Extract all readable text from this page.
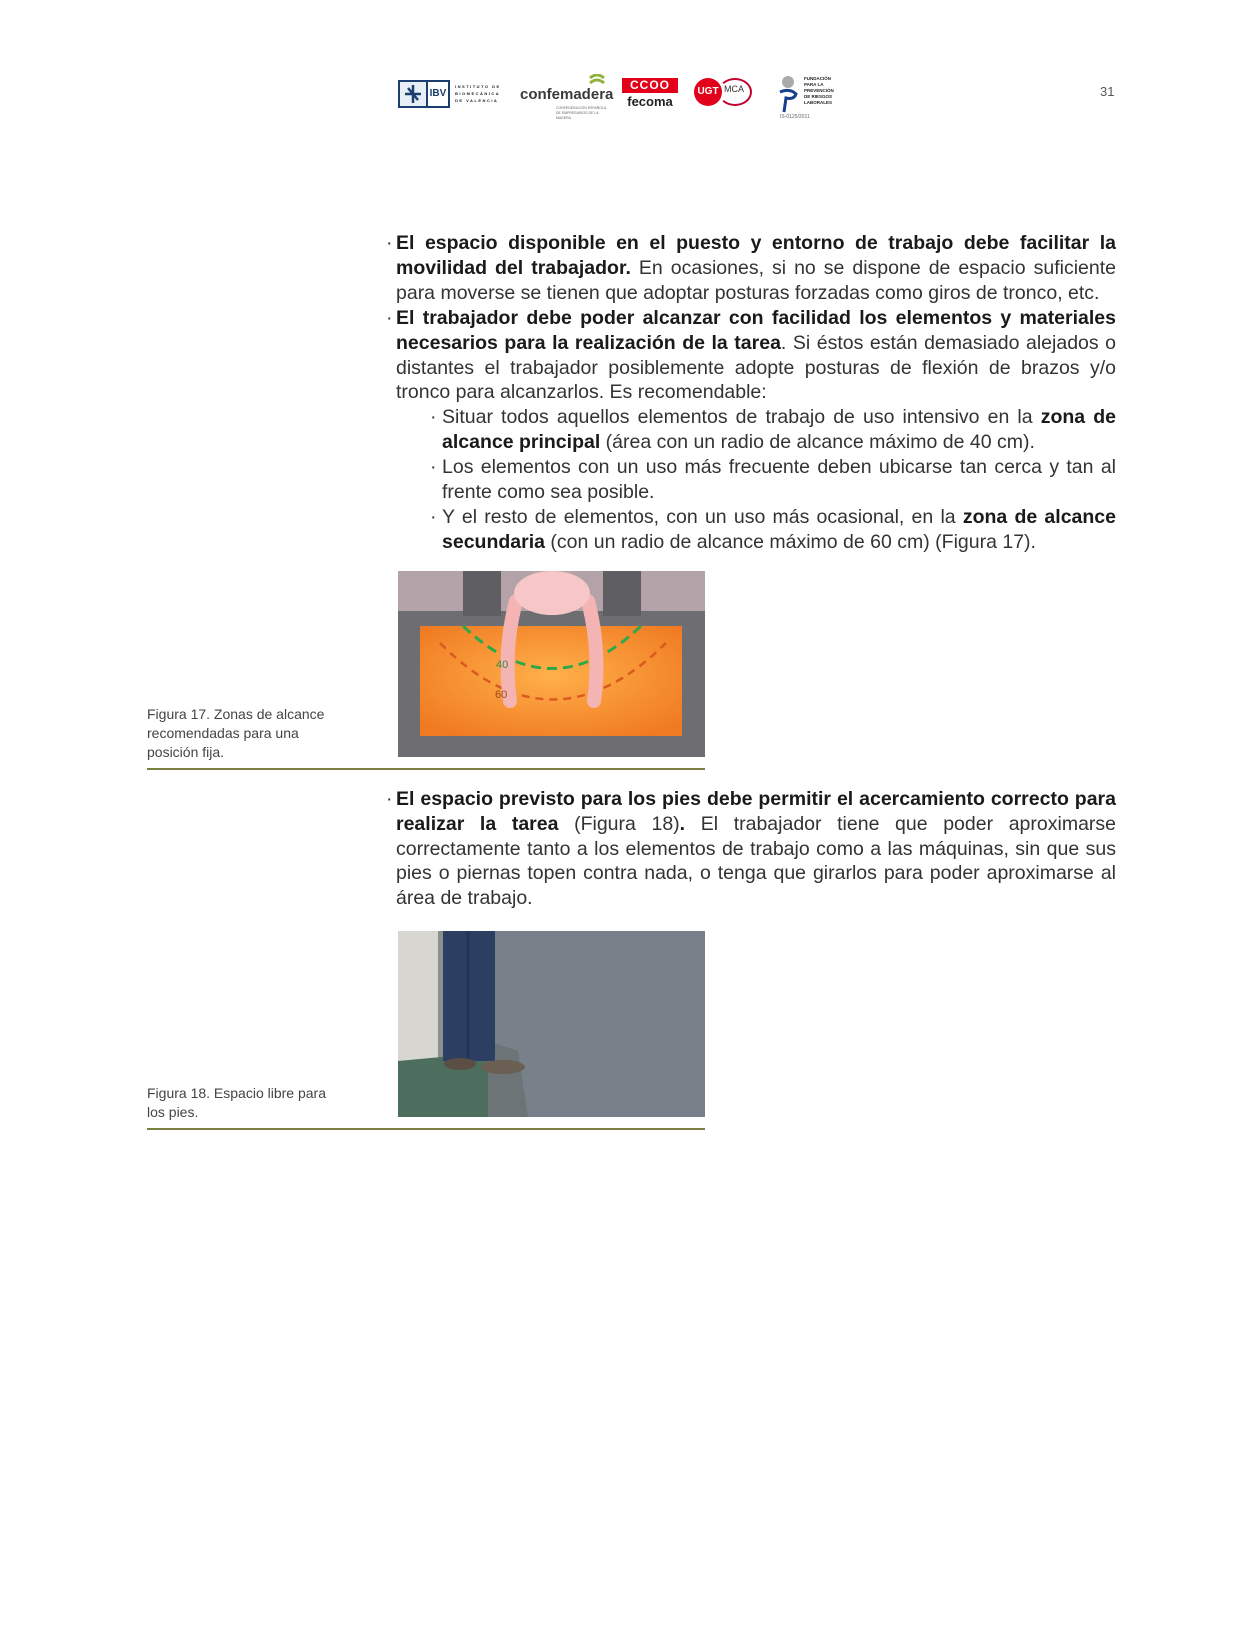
IBV
INSTITUTO DE
BIOMECÁNICA
DE VALENCIA confemadera
CONFEDERACIÓN ESPAÑOLA
DE EMPRESARIOS DE LA MADERA
CCOO
fecoma
UGT MCA
FUNDACIÓN
PARA LA
PREVENCIÓN
DE RIESGOS
LABORALES
IS-0125/2011
31
· El espacio disponible en el puesto y entorno de trabajo debe facilitar la movilidad del trabajador. En ocasiones, si no se dispone de espacio suficiente para moverse se tienen que adoptar posturas forzadas como giros de tronco, etc.
· El trabajador debe poder alcanzar con facilidad los elementos y materiales necesarios para la realización de la tarea. Si éstos están demasiado alejados o distantes el trabajador posiblemente adopte posturas de flexión de brazos y/o tronco para alcanzarlos. Es recomendable:
· Situar todos aquellos elementos de trabajo de uso intensivo en la zona de alcance principal (área con un radio de alcance máximo de 40 cm).
· Los elementos con un uso más frecuente deben ubicarse tan cerca y tan al frente como sea posible.
· Y el resto de elementos, con un uso más ocasional, en la zona de alcance secundaria (con un radio de alcance máximo de 60 cm) (Figura 17).
40
60
Figura 17. Zonas de alcance recomendadas para una posición fija.
· El espacio previsto para los pies debe permitir el acercamiento correcto para realizar la tarea (Figura 18). El trabajador tiene que poder aproximarse correctamente tanto a los elementos de trabajo como a las máquinas, sin que sus pies o piernas topen contra nada, o tenga que girarlos para poder aproximarse al área de trabajo.
Figura 18. Espacio libre para los pies.
